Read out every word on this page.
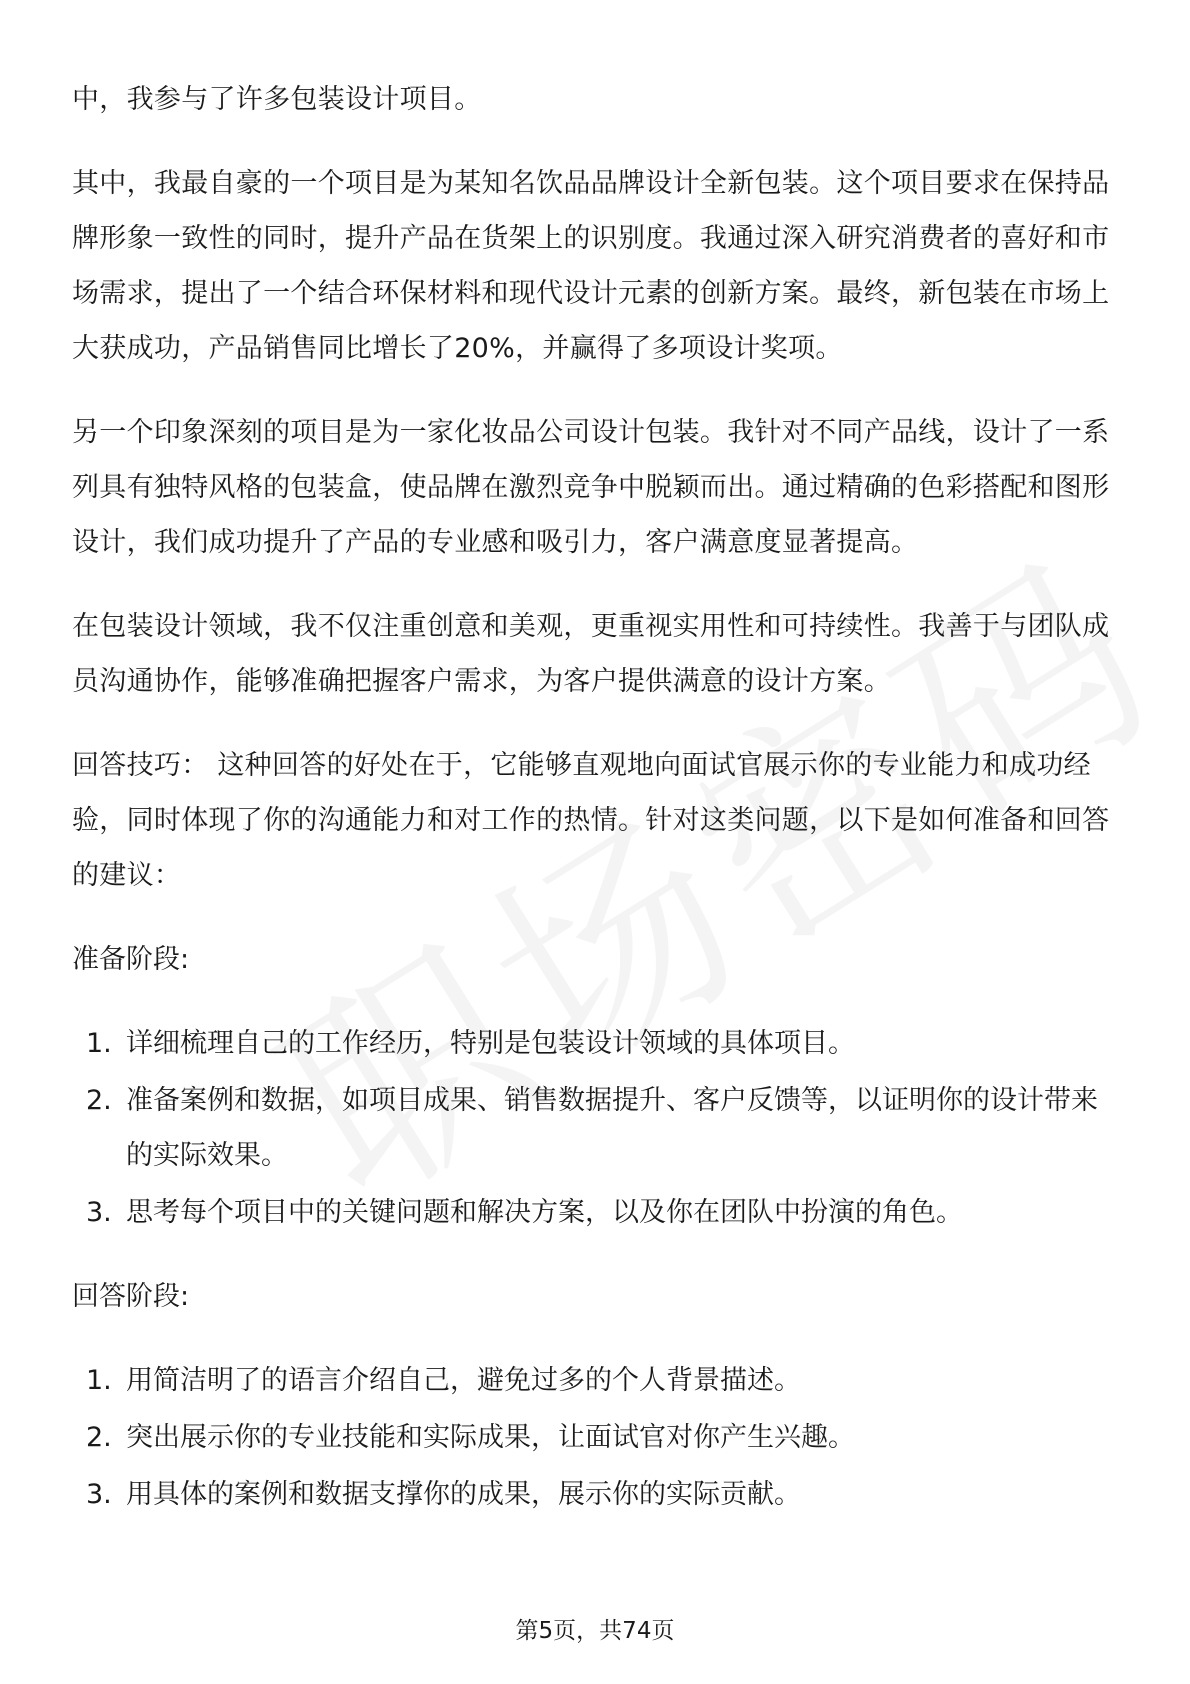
中，我参与了许多包装设计项目。

其中，我最自豪的一个项目是为某知名饮品品牌设计全新包装。这个项目要求在保持品牌形象一致性的同时，提升产品在货架上的识别度。我通过深入研究消费者的喜好和市场需求，提出了一个结合环保材料和现代设计元素的创新方案。最终，新包装在市场上大获成功，产品销售同比增长了20%，并赢得了多项设计奖项。

另一个印象深刻的项目是为一家化妆品公司设计包装。我针对不同产品线，设计了一系列具有独特风格的包装盒，使品牌在激烈竞争中脱颖而出。通过精确的色彩搭配和图形设计，我们成功提升了产品的专业感和吸引力，客户满意度显著提高。

在包装设计领域，我不仅注重创意和美观，更重视实用性和可持续性。我善于与团队成员沟通协作，能够准确把握客户需求，为客户提供满意的设计方案。

回答技巧： 这种回答的好处在于，它能够直观地向面试官展示你的专业能力和成功经验，同时体现了你的沟通能力和对工作的热情。针对这类问题，以下是如何准备和回答的建议：

准备阶段:

1. 详细梳理自己的工作经历，特别是包装设计领域的具体项目。
2. 准备案例和数据，如项目成果、销售数据提升、客户反馈等，以证明你的设计带来的实际效果。
3. 思考每个项目中的关键问题和解决方案，以及你在团队中扮演的角色。

回答阶段:

1. 用简洁明了的语言介绍自己，避免过多的个人背景描述。
2. 突出展示你的专业技能和实际成果，让面试官对你产生兴趣。
3. 用具体的案例和数据支撑你的成果，展示你的实际贡献。
第5页，共74页
